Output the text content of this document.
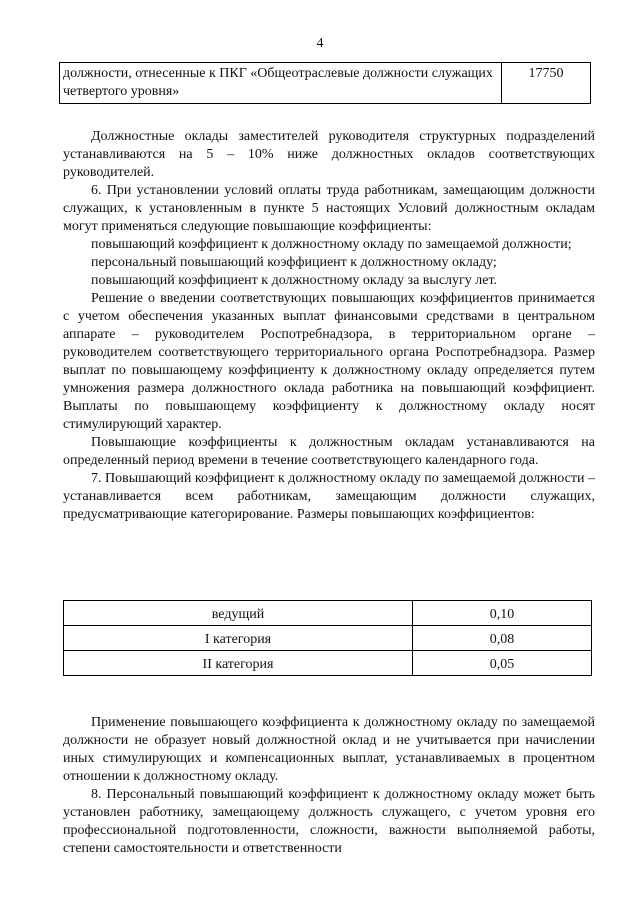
4
должности, отнесенные к ПКГ «Общеотраслевые должности служащих четвертого уровня»	17750

Должностные оклады заместителей руководителя структурных подразделений устанавливаются на 5 – 10% ниже должностных окладов соответствующих руководителей.

6. При установлении условий оплаты труда работникам, замещающим должности служащих, к установленным в пункте 5 настоящих Условий должностным окладам могут применяться следующие повышающие коэффициенты:

повышающий коэффициент к должностному окладу по замещаемой должности;

персональный повышающий коэффициент к должностному окладу;

повышающий коэффициент к должностному окладу за выслугу лет.

Решение о введении соответствующих повышающих коэффициентов принимается с учетом обеспечения указанных выплат финансовыми средствами в центральном аппарате – руководителем Роспотребнадзора, в территориальном органе – руководителем соответствующего территориального органа Роспотребнадзора. Размер выплат по повышающему коэффициенту к должностному окладу определяется путем умножения размера должностного оклада работника на повышающий коэффициент. Выплаты по повышающему коэффициенту к должностному окладу носят стимулирующий характер.

Повышающие коэффициенты к должностным окладам устанавливаются на определенный период времени в течение соответствующего календарного года.

7. Повышающий коэффициент к должностному окладу по замещаемой должности – устанавливается всем работникам, замещающим должности служащих, предусматривающие категорирование. Размеры повышающих коэффициентов:

ведущий	0,10
I категория	0,08
II категория	0,05

Применение повышающего коэффициента к должностному окладу по замещаемой должности не образует новый должностной оклад и не учитывается при начислении иных стимулирующих и компенсационных выплат, устанавливаемых в процентном отношении к должностному окладу.

8. Персональный повышающий коэффициент к должностному окладу может быть установлен работнику, замещающему должность служащего, с учетом уровня его профессиональной подготовленности, сложности, важности выполняемой работы, степени самостоятельности и ответственности
